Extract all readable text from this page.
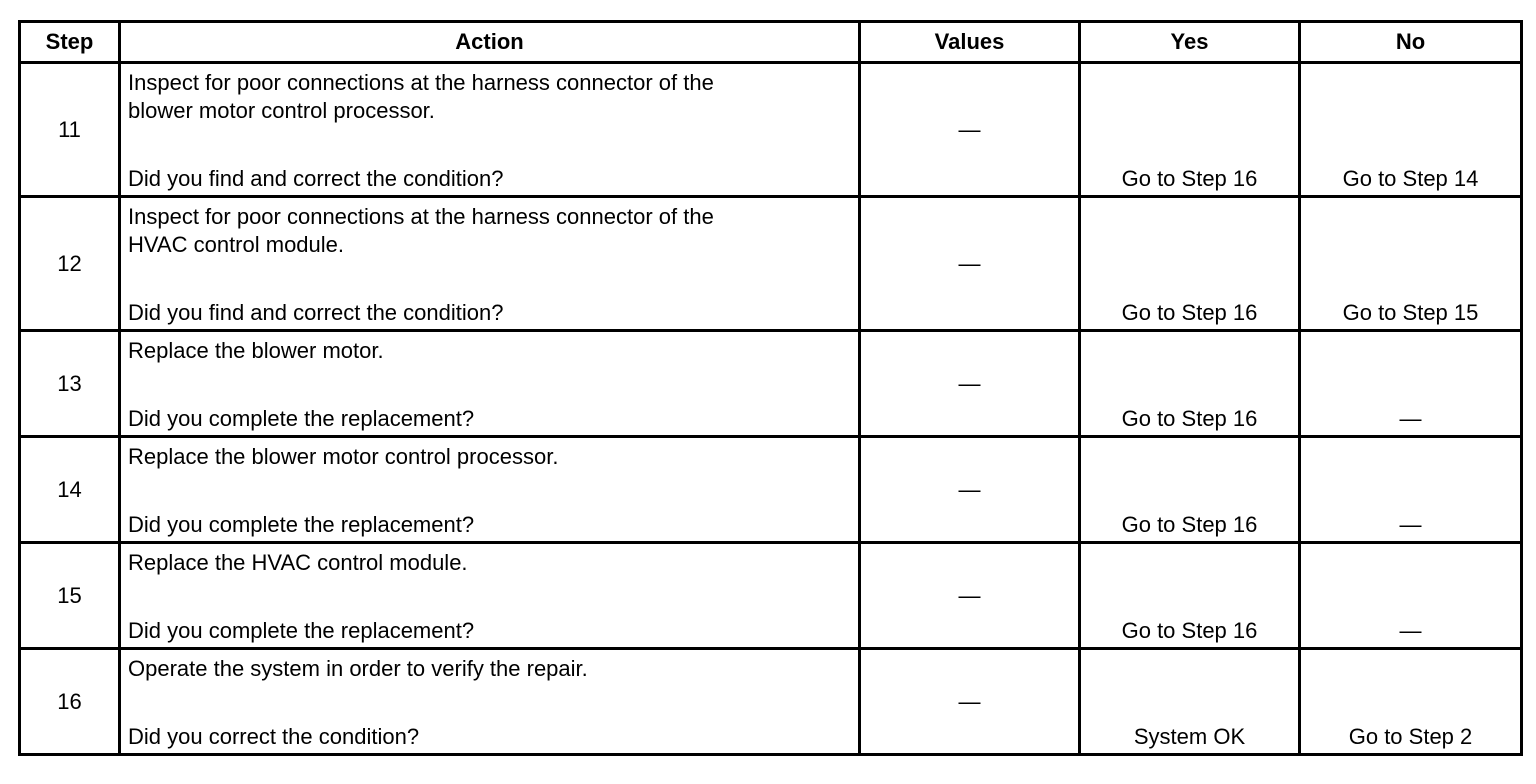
Step	Action	Values	Yes	No
11	Inspect for poor connections at the harness connector of the
blower motor control processor.
Did you find and correct the condition?	—	Go to Step 16	Go to Step 14

12	Inspect for poor connections at the harness connector of the
HVAC control module.
Did you find and correct the condition?	—	Go to Step 16	Go to Step 15

13	Replace the blower motor.
Did you complete the replacement?	—	Go to Step 16	—

14	Replace the blower motor control processor.
Did you complete the replacement?	—	Go to Step 16	—

15	Replace the HVAC control module.
Did you complete the replacement?	—	Go to Step 16	—

16	Operate the system in order to verify the repair.
Did you correct the condition?	—	System OK	Go to Step 2
